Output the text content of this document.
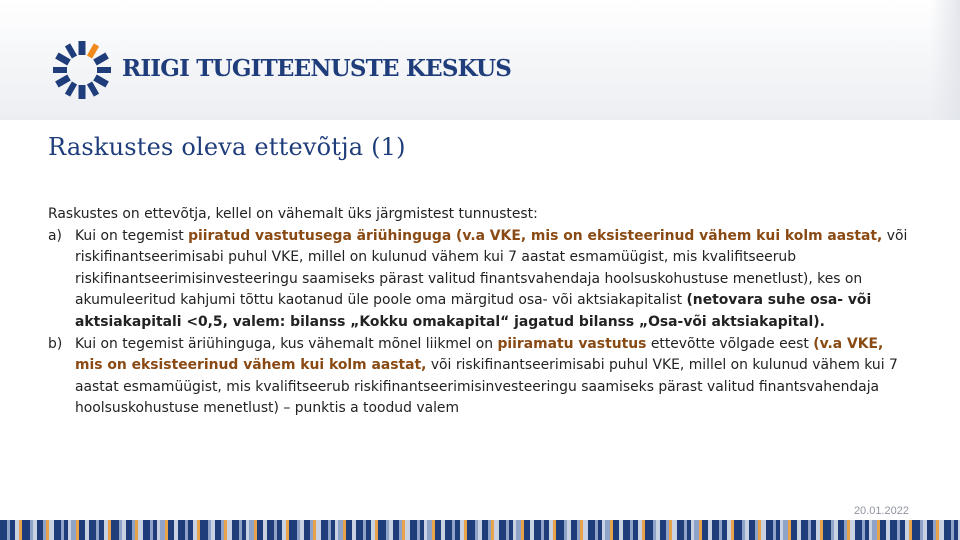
RIIGI TUGITEENUSTE KESKUS
Raskustes oleva ettevõtja (1)

Raskustes on ettevõtja, kellel on vähemalt üks järgmistest tunnustest:

a) Kui on tegemist piiratud vastutusega äriühinguga (v.a VKE, mis on eksisteerinud vähem kui kolm aastat, või riskifinantseerimisabi puhul VKE, millel on kulunud vähem kui 7 aastat esmamüügist, mis kvalifitseerub riskifinantseerimisinvesteeringu saamiseks pärast valitud finantsvahendaja hoolsuskohustuse menetlust), kes on akumuleeritud kahjumi tõttu kaotanud üle poole oma märgitud osa- või aktsiakapitalist (netovara suhe osa- või aktsiakapitali <0,5, valem: bilanss „Kokku omakapital“ jagatud bilanss „Osa-või aktsiakapital).
b) Kui on tegemist äriühinguga, kus vähemalt mõnel liikmel on piiramatu vastutus ettevõtte võlgade eest (v.a VKE, mis on eksisteerinud vähem kui kolm aastat, või riskifinantseerimisabi puhul VKE, millel on kulunud vähem kui 7 aastat esmamüügist, mis kvalifitseerub riskifinantseerimisinvesteeringu saamiseks pärast valitud finantsvahendaja hoolsuskohustuse menetlust) – punktis a toodud valem
20.01.2022
